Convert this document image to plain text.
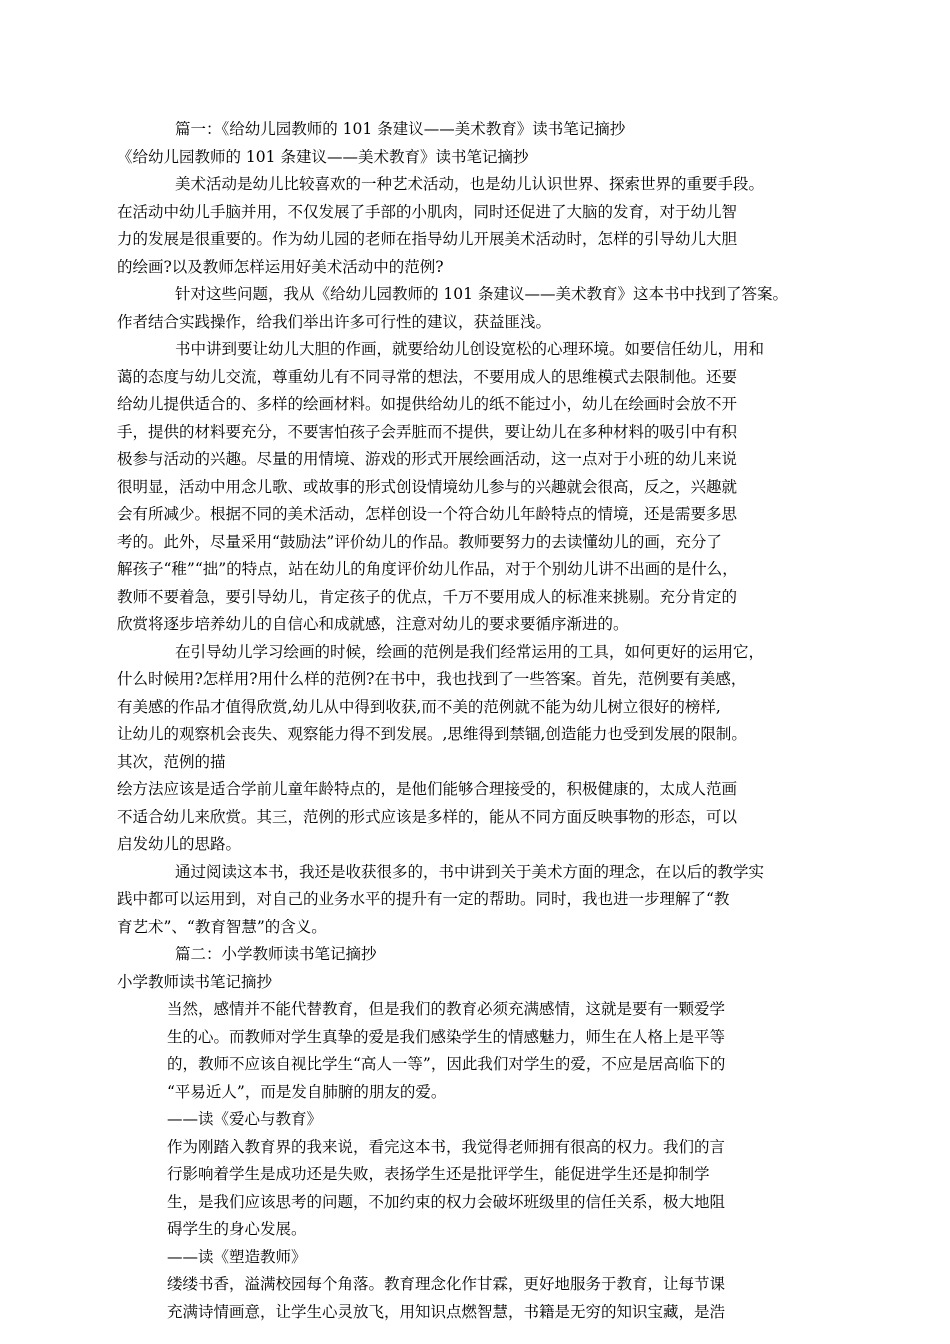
篇一：《给幼儿园教师的 101 条建议——美术教育》读书笔记摘抄
《给幼儿园教师的 101 条建议——美术教育》读书笔记摘抄
美术活动是幼儿比较喜欢的一种艺术活动，也是幼儿认识世界、探索世界的重要手段。
在活动中幼儿手脑并用，不仅发展了手部的小肌肉，同时还促进了大脑的发育，对于幼儿智
力的发展是很重要的。作为幼儿园的老师在指导幼儿开展美术活动时，怎样的引导幼儿大胆
的绘画?以及教师怎样运用好美术活动中的范例?
针对这些问题，我从《给幼儿园教师的 101 条建议——美术教育》这本书中找到了答案。
作者结合实践操作，给我们举出许多可行性的建议，获益匪浅。
书中讲到要让幼儿大胆的作画，就要给幼儿创设宽松的心理环境。如要信任幼儿，用和
蔼的态度与幼儿交流，尊重幼儿有不同寻常的想法，不要用成人的思维模式去限制他。还要
给幼儿提供适合的、多样的绘画材料。如提供给幼儿的纸不能过小，幼儿在绘画时会放不开
手，提供的材料要充分，不要害怕孩子会弄脏而不提供，要让幼儿在多种材料的吸引中有积
极参与活动的兴趣。尽量的用情境、游戏的形式开展绘画活动，这一点对于小班的幼儿来说
很明显，活动中用念儿歌、或故事的形式创设情境幼儿参与的兴趣就会很高，反之，兴趣就
会有所减少。根据不同的美术活动，怎样创设一个符合幼儿年龄特点的情境，还是需要多思
考的。此外，尽量采用“鼓励法”评价幼儿的作品。教师要努力的去读懂幼儿的画，充分了
解孩子“稚”“拙”的特点，站在幼儿的角度评价幼儿作品，对于个别幼儿讲不出画的是什么，
教师不要着急，要引导幼儿，肯定孩子的优点，千万不要用成人的标准来挑剔。充分肯定的
欣赏将逐步培养幼儿的自信心和成就感，注意对幼儿的要求要循序渐进的。
在引导幼儿学习绘画的时候，绘画的范例是我们经常运用的工具，如何更好的运用它，
什么时候用?怎样用?用什么样的范例?在书中，我也找到了一些答案。首先，范例要有美感，
有美感的作品才值得欣赏,幼儿从中得到收获,而不美的范例就不能为幼儿树立很好的榜样,
让幼儿的观察机会丧失、观察能力得不到发展。,思维得到禁锢,创造能力也受到发展的限制。
其次，范例的描
绘方法应该是适合学前儿童年龄特点的，是他们能够合理接受的，积极健康的，太成人范画
不适合幼儿来欣赏。其三，范例的形式应该是多样的，能从不同方面反映事物的形态，可以
启发幼儿的思路。
通过阅读这本书，我还是收获很多的，书中讲到关于美术方面的理念，在以后的教学实
践中都可以运用到，对自己的业务水平的提升有一定的帮助。同时，我也进一步理解了“教
育艺术”、“教育智慧”的含义。
篇二：小学教师读书笔记摘抄
小学教师读书笔记摘抄
当然，感情并不能代替教育，但是我们的教育必须充满感情，这就是要有一颗爱学
生的心。而教师对学生真挚的爱是我们感染学生的情感魅力，师生在人格上是平等
的，教师不应该自视比学生“高人一等”，因此我们对学生的爱，不应是居高临下的
“平易近人”，而是发自肺腑的朋友的爱。
——读《爱心与教育》
作为刚踏入教育界的我来说，看完这本书，我觉得老师拥有很高的权力。我们的言
行影响着学生是成功还是失败，表扬学生还是批评学生，能促进学生还是抑制学
生，是我们应该思考的问题，不加约束的权力会破坏班级里的信任关系，极大地阻
碍学生的身心发展。
——读《塑造教师》
缕缕书香，溢满校园每个角落。教育理念化作甘霖，更好地服务于教育，让每节课
充满诗情画意，让学生心灵放飞，用知识点燃智慧，书籍是无穷的知识宝藏，是浩
